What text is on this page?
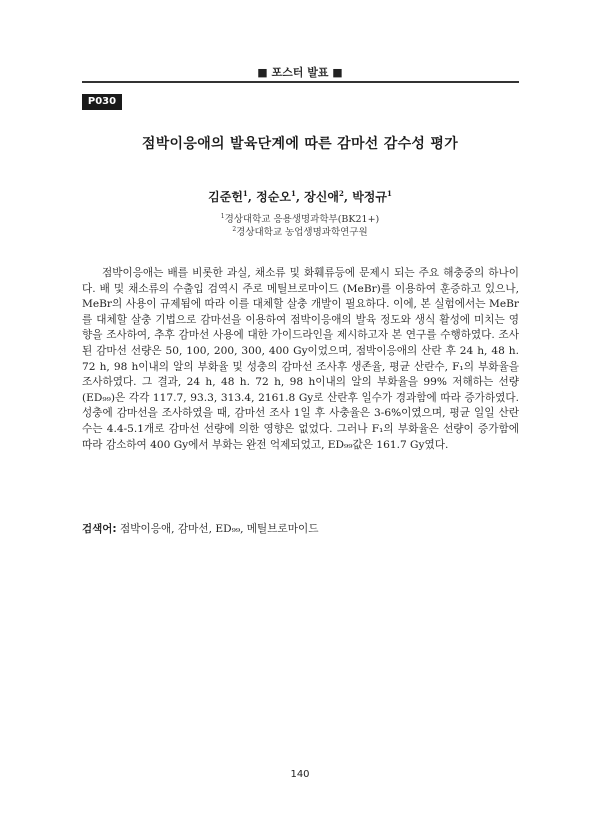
■ 포스터 발표 ■
P030
점박이응애의 발육단계에 따른 감마선 감수성 평가
김준헌$^1$, 정순오$^1$, 장신애$^2$, 박정규$^1$
$^1$경상대학교 응용생명과학부(BK21+)
$^2$경상대학교 농업생명과학연구원

점박이응애는 배를 비롯한 과실, 채소류 및 화훼류등에 문제시 되는 주요 해충중의 하나이다. 배 및 채소류의 수출입 검역시 주로 메틸브로마이드 (MeBr)를 이용하여 훈증하고 있으나, MeBr의 사용이 규제됨에 따라 이를 대체할 살충 개발이 필요하다. 이에, 본 실험에서는 MeBr를 대체할 살충 기법으로 감마선을 이용하여 점박이응애의 발육 정도와 생식 활성에 미치는 영향을 조사하여, 추후 감마선 사용에 대한 가이드라인을 제시하고자 본 연구를 수행하였다. 조사된 감마선 선량은 50, 100, 200, 300, 400 Gy이었으며, 점박이응애의 산란 후 24 h, 48 h. 72 h, 98 h이내의 알의 부화율 및 성충의 감마선 조사후 생존율, 평균 산란수, F₁의 부화율을 조사하였다. 그 결과, 24 h, 48 h. 72 h, 98 h이내의 알의 부화율을 99% 저해하는 선량(ED₉₉)은 각각 117.7, 93.3, 313.4, 2161.8 Gy로 산란후 일수가 경과함에 따라 증가하였다. 성충에 감마선을 조사하였을 때, 감마선 조사 1일 후 사충율은 3-6%이였으며, 평균 일일 산란수는 4.4-5.1개로 감마선 선량에 의한 영향은 없었다. 그러나 F₁의 부화율은 선량이 증가함에 따라 감소하여 400 Gy에서 부화는 완전 억제되었고, ED₉₉값은 161.7 Gy였다.

검색어: 점박이응애, 감마선, ED₉₉, 메틸브로마이드
140
